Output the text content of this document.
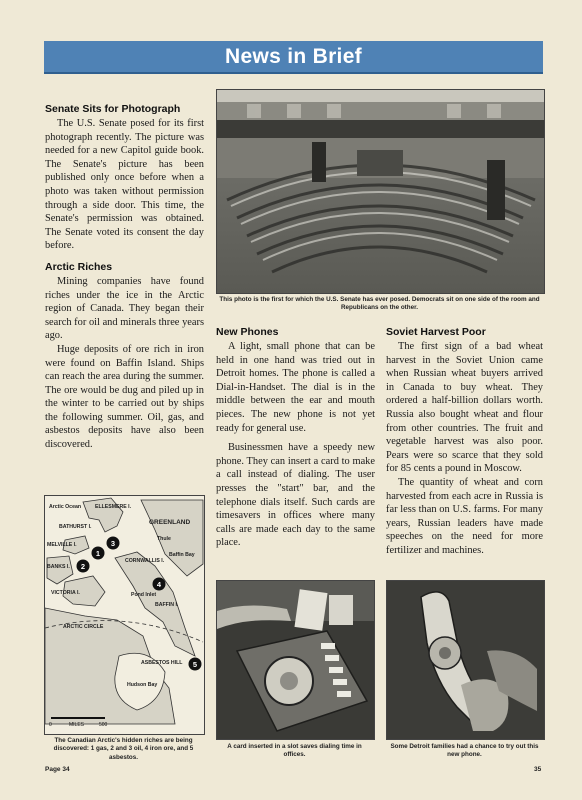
News in Brief
Senate Sits for Photograph

The U.S. Senate posed for its first photograph recently. The picture was needed for a new Capitol guide book. The Senate's picture has been published only once before when a photo was taken without permission through a side door. This time, the Senate's permission was obtained. The Senate voted its consent the day before.

Arctic Riches

Mining companies have found riches under the ice in the Arctic region of Canada. They began their search for oil and minerals three years ago.

Huge deposits of ore rich in iron were found on Baffin Island. Ships can reach the area during the summer. The ore would be dug and piled up in the winter to be carried out by ships the following summer. Oil, gas, and asbestos deposits have also been discovered.

This photo is the first for which the U.S. Senate has ever posed. Democrats sit on one side of the room and Republicans on the other.
New Phones

A light, small phone that can be held in one hand was tried out in Detroit homes. The phone is called a Dial-in-Handset. The dial is in the middle between the ear and mouth pieces. The new phone is not yet ready for general use.

Businessmen have a speedy new phone. They can insert a card to make a call instead of dialing. The user presses the "start" bar, and the telephone dials itself. Such cards are timesavers in offices where many calls are made each day to the same place.

Soviet Harvest Poor

The first sign of a bad wheat harvest in the Soviet Union came when Russian wheat buyers arrived in Canada to buy wheat. They ordered a half-billion dollars worth. Russia also bought wheat and flour from other countries. The fruit and vegetable harvest was also poor. Pears were so scarce that they sold for 85 cents a pound in Moscow.

The quantity of wheat and corn harvested from each acre in Russia is far less than on U.S. farms. For many years, Russian leaders have made speeches on the need for more fertilizer and machines.

1
2
3
4
5
Arctic Ocean	ELLESMERE I.
BATHURST I.
MELVILLE I.
BANKS I.
VICTORIA I.
GREENLAND
Thule
Baffin Bay
CORNWALLIS I.
Pond Inlet
BAFFIN I.
ARCTIC CIRCLE
ASBESTOS HILL
Hudson Bay
0	MILES	500
The Canadian Arctic's hidden riches are being discovered: 1 gas, 2 and 3 oil, 4 iron ore, and 5 asbestos.
A card inserted in a slot saves dialing time in offices.
Some Detroit families had a chance to try out this new phone.
Page 34	35
